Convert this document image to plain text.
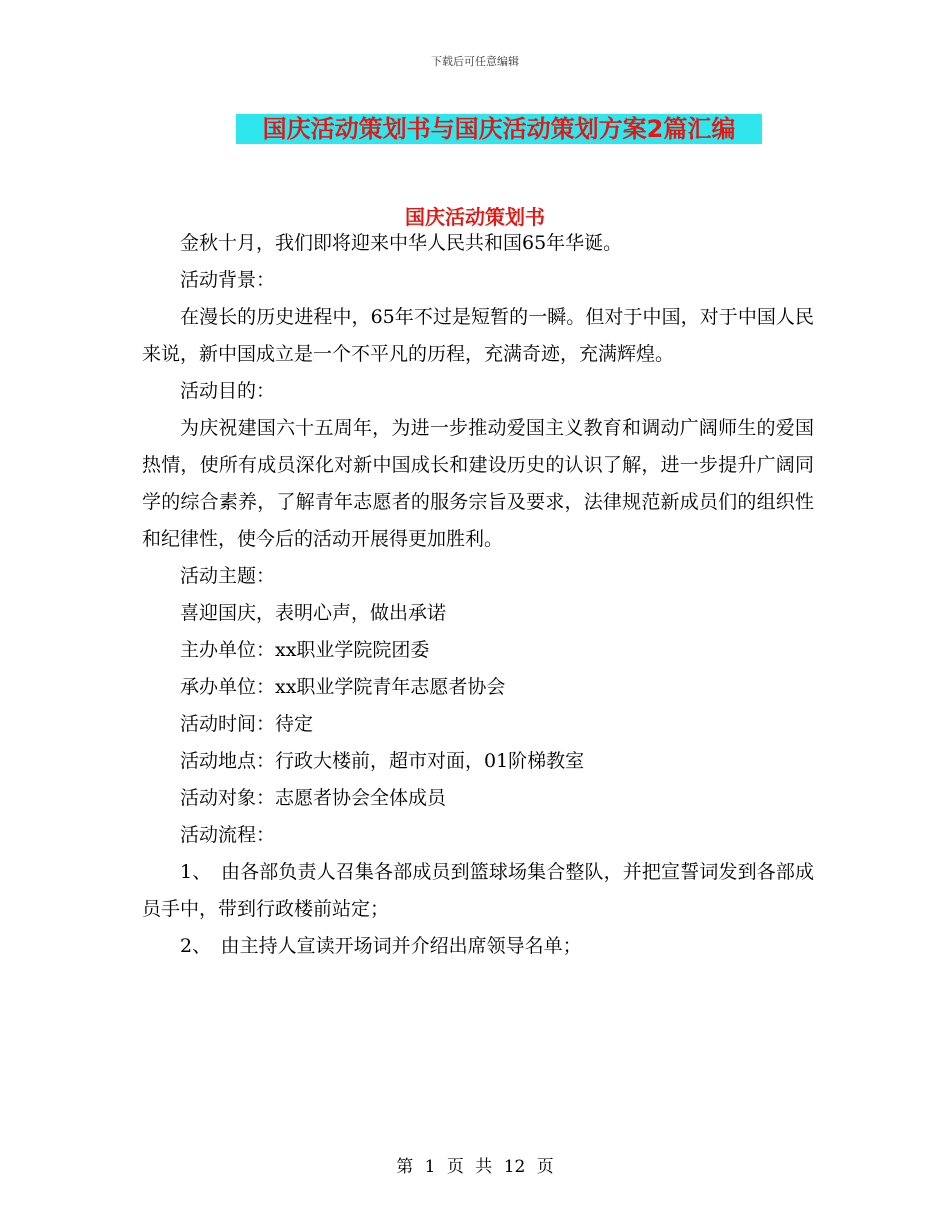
下载后可任意编辑
国庆活动策划书与国庆活动策划方案2篇汇编
国庆活动策划书

金秋十月，我们即将迎来中华人民共和国65年华诞。

活动背景：

在漫长的历史进程中，65年不过是短暂的一瞬。但对于中国，对于中国人民来说，新中国成立是一个不平凡的历程，充满奇迹，充满辉煌。

活动目的：

为庆祝建国六十五周年，为进一步推动爱国主义教育和调动广阔师生的爱国热情，使所有成员深化对新中国成长和建设历史的认识了解，进一步提升广阔同学的综合素养，了解青年志愿者的服务宗旨及要求，法律规范新成员们的组织性和纪律性，使今后的活动开展得更加胜利。

活动主题：

喜迎国庆，表明心声，做出承诺

主办单位：xx职业学院院团委

承办单位：xx职业学院青年志愿者协会

活动时间：待定

活动地点：行政大楼前，超市对面，01阶梯教室

活动对象：志愿者协会全体成员

活动流程：

1、　由各部负责人召集各部成员到篮球场集合整队，并把宣誓词发到各部成员手中，带到行政楼前站定；

2、　由主持人宣读开场词并介绍出席领导名单；

第 1 页 共 12 页
